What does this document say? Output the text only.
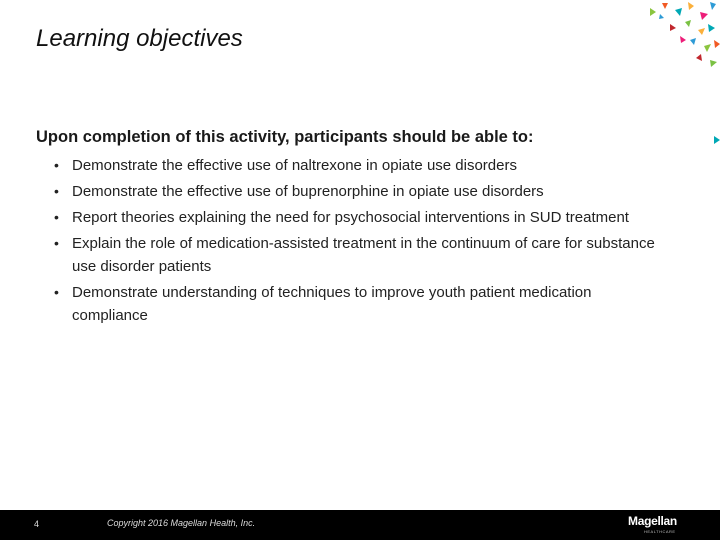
Learning objectives
Upon completion of this activity, participants should be able to:
• Demonstrate the effective use of naltrexone in opiate use disorders
• Demonstrate the effective use of buprenorphine in opiate use disorders
• Report theories explaining the need for psychosocial interventions in SUD treatment
• Explain the role of medication-assisted treatment in the continuum of care for substance use disorder patients
• Demonstrate understanding of techniques to improve youth patient medication compliance
4	Copyright 2016 Magellan Health, Inc.	Magellan
HEALTHCARE
